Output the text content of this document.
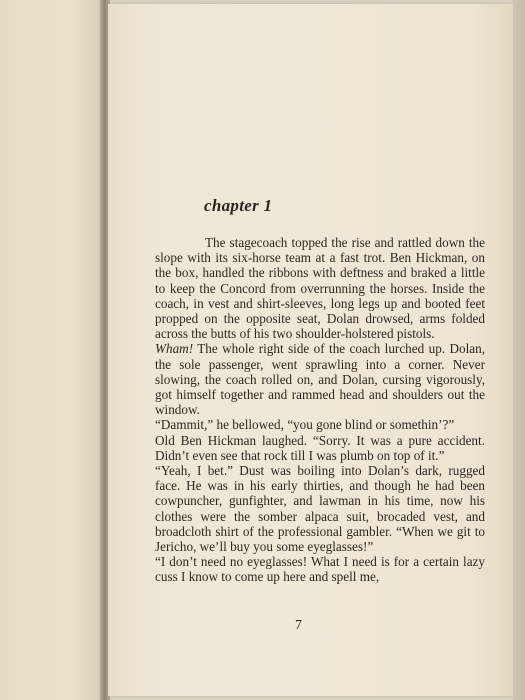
chapter 1

The stagecoach topped the rise and rattled down the slope with its six-horse team at a fast trot. Ben Hickman, on the box, handled the ribbons with deftness and braked a little to keep the Concord from overrunning the horses. Inside the coach, in vest and shirt-sleeves, long legs up and booted feet propped on the opposite seat, Dolan drowsed, arms folded across the butts of his two shoulder-holstered pistols.

Wham! The whole right side of the coach lurched up. Dolan, the sole passenger, went sprawling into a corner. Never slowing, the coach rolled on, and Dolan, cursing vigorously, got himself together and rammed head and shoulders out the window.

“Dammit,” he bellowed, “you gone blind or somethin’?”

Old Ben Hickman laughed. “Sorry. It was a pure accident. Didn’t even see that rock till I was plumb on top of it.”

“Yeah, I bet.” Dust was boiling into Dolan’s dark, rugged face. He was in his early thirties, and though he had been cowpuncher, gunfighter, and lawman in his time, now his clothes were the somber alpaca suit, brocaded vest, and broadcloth shirt of the professional gambler. “When we git to Jericho, we’ll buy you some eyeglasses!”

“I don’t need no eyeglasses! What I need is for a certain lazy cuss I know to come up here and spell me,

7
